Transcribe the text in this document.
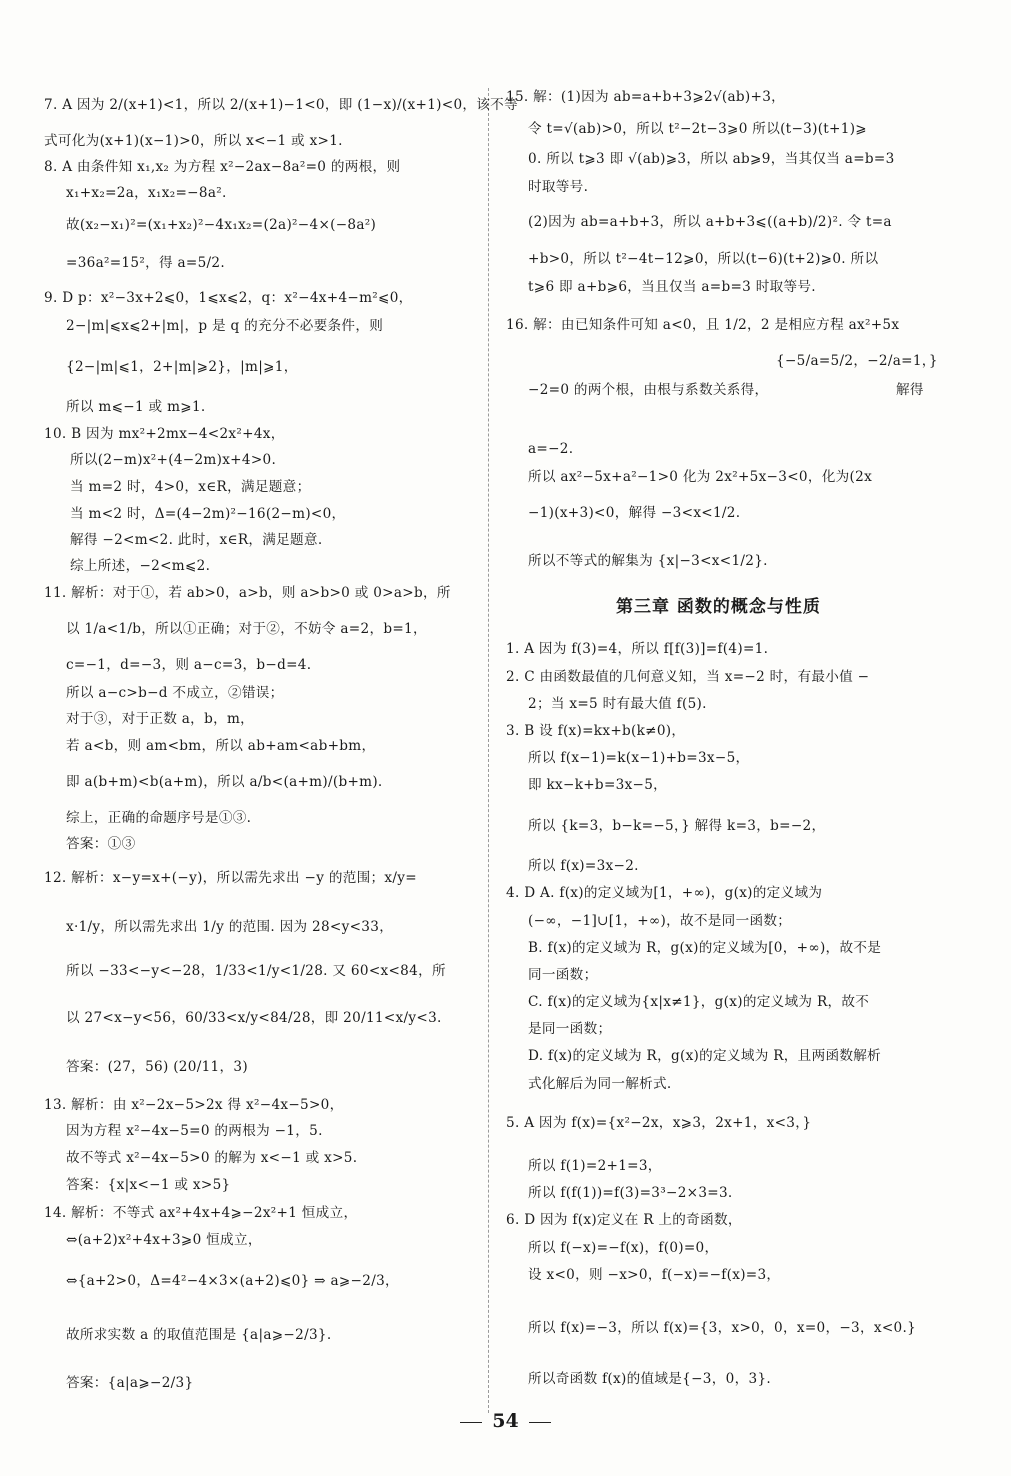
7. A 因为 2/(x+1)<1，所以 2/(x+1)−1<0，即 (1−x)/(x+1)<0，该不等
式可化为(x+1)(x−1)>0，所以 x<−1 或 x>1.
8. A 由条件知 x₁,x₂ 为方程 x²−2ax−8a²=0 的两根，则
x₁+x₂=2a，x₁x₂=−8a².
故(x₂−x₁)²=(x₁+x₂)²−4x₁x₂=(2a)²−4×(−8a²)
=36a²=15²，得 a=5/2.
9. D p：x²−3x+2⩽0，1⩽x⩽2，q：x²−4x+4−m²⩽0，
2−|m|⩽x⩽2+|m|，p 是 q 的充分不必要条件，则
{2−|m|⩽1，2+|m|⩾2}，|m|⩾1，
所以 m⩽−1 或 m⩾1.
10. B 因为 mx²+2mx−4<2x²+4x，
所以(2−m)x²+(4−2m)x+4>0.
当 m=2 时，4>0，x∈R，满足题意；
当 m<2 时，Δ=(4−2m)²−16(2−m)<0，
解得 −2<m<2. 此时，x∈R，满足题意.
综上所述，−2<m⩽2.
11. 解析：对于①，若 ab>0，a>b，则 a>b>0 或 0>a>b，所
以 1/a<1/b，所以①正确；对于②，不妨令 a=2，b=1，
c=−1，d=−3，则 a−c=3，b−d=4.
所以 a−c>b−d 不成立，②错误；
对于③，对于正数 a，b，m，
若 a<b，则 am<bm，所以 ab+am<ab+bm，
即 a(b+m)<b(a+m)，所以 a/b<(a+m)/(b+m).
综上，正确的命题序号是①③.
答案：①③
12. 解析：x−y=x+(−y)，所以需先求出 −y 的范围；x/y=
x·1/y，所以需先求出 1/y 的范围. 因为 28<y<33，
所以 −33<−y<−28，1/33<1/y<1/28. 又 60<x<84，所
以 27<x−y<56，60/33<x/y<84/28，即 20/11<x/y<3.
答案：(27，56) (20/11，3)
13. 解析：由 x²−2x−5>2x 得 x²−4x−5>0，
因为方程 x²−4x−5=0 的两根为 −1，5.
故不等式 x²−4x−5>0 的解为 x<−1 或 x>5.
答案：{x|x<−1 或 x>5}
14. 解析：不等式 ax²+4x+4⩾−2x²+1 恒成立，
⇔(a+2)x²+4x+3⩾0 恒成立，
⇔{a+2>0，Δ=4²−4×3×(a+2)⩽0} ⇒ a⩾−2/3，
故所求实数 a 的取值范围是 {a|a⩾−2/3}.
答案：{a|a⩾−2/3}
15. 解：(1)因为 ab=a+b+3⩾2√(ab)+3，
令 t=√(ab)>0，所以 t²−2t−3⩾0 所以(t−3)(t+1)⩾
0. 所以 t⩾3 即 √(ab)⩾3，所以 ab⩾9，当其仅当 a=b=3
时取等号.
(2)因为 ab=a+b+3，所以 a+b+3⩽((a+b)/2)². 令 t=a
+b>0，所以 t²−4t−12⩾0，所以(t−6)(t+2)⩾0. 所以
t⩾6 即 a+b⩾6，当且仅当 a=b=3 时取等号.
16. 解：由已知条件可知 a<0，且 1/2，2 是相应方程 ax²+5x
{−5/a=5/2，−2/a=1，}
−2=0 的两个根，由根与系数关系得，	解得
a=−2.
所以 ax²−5x+a²−1>0 化为 2x²+5x−3<0，化为(2x
−1)(x+3)<0，解得 −3<x<1/2.
所以不等式的解集为 {x|−3<x<1/2}.
第三章 函数的概念与性质
1. A 因为 f(3)=4，所以 f[f(3)]=f(4)=1.
2. C 由函数最值的几何意义知，当 x=−2 时，有最小值 −
2；当 x=5 时有最大值 f(5).
3. B 设 f(x)=kx+b(k≠0)，
所以 f(x−1)=k(x−1)+b=3x−5，
即 kx−k+b=3x−5，
所以 {k=3，b−k=−5，} 解得 k=3，b=−2，
所以 f(x)=3x−2.
4. D A. f(x)的定义域为[1，+∞)，g(x)的定义域为
(−∞，−1]∪[1，+∞)，故不是同一函数；
B. f(x)的定义域为 R，g(x)的定义域为[0，+∞)，故不是
同一函数；
C. f(x)的定义域为{x|x≠1}，g(x)的定义域为 R，故不
是同一函数；
D. f(x)的定义域为 R，g(x)的定义域为 R，且两函数解析
式化解后为同一解析式.
5. A 因为 f(x)={x²−2x，x⩾3，2x+1，x<3，}
所以 f(1)=2+1=3，
所以 f(f(1))=f(3)=3³−2×3=3.
6. D 因为 f(x)定义在 R 上的奇函数，
所以 f(−x)=−f(x)，f(0)=0，
设 x<0，则 −x>0，f(−x)=−f(x)=3，
所以 f(x)=−3，所以 f(x)={3，x>0，0，x=0，−3，x<0.}
所以奇函数 f(x)的值域是{−3，0，3}.
54
